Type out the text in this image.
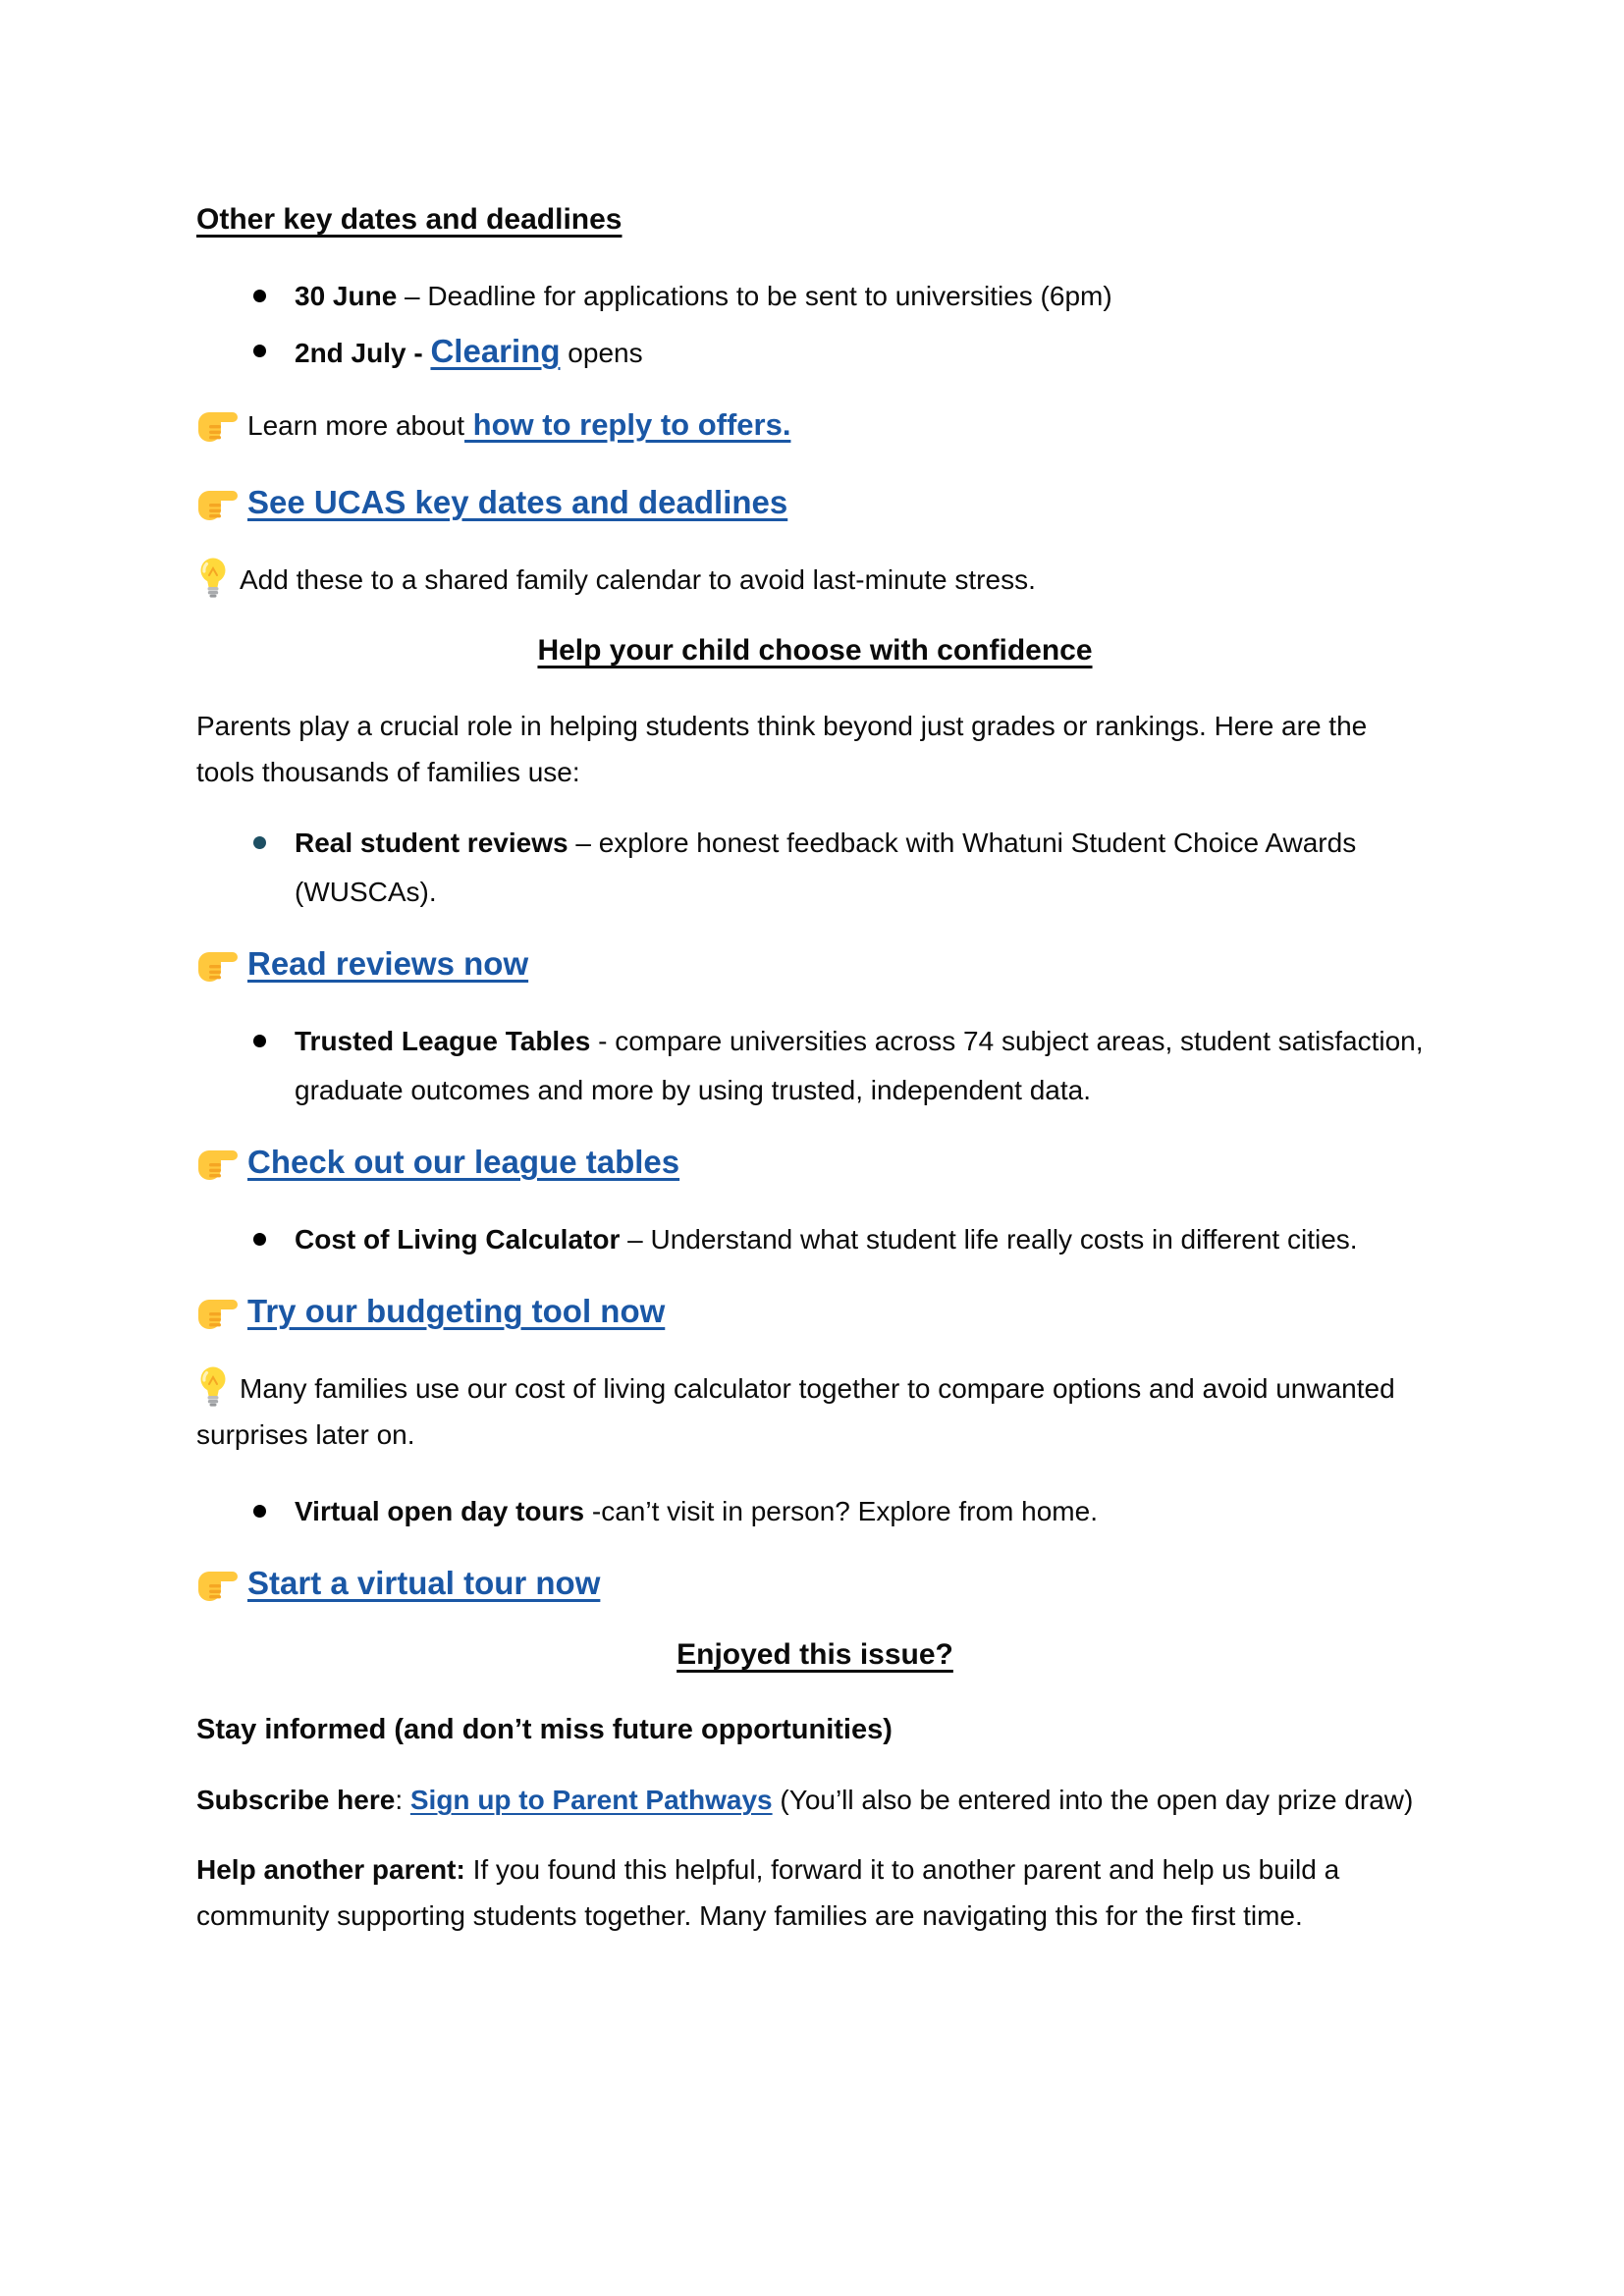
Other key dates and deadlines
30 June – Deadline for applications to be sent to universities (6pm)
2nd July - Clearing opens

Learn more about how to reply to offers.

See UCAS key dates and deadlines

Add these to a shared family calendar to avoid last-minute stress.

Help your child choose with confidence

Parents play a crucial role in helping students think beyond just grades or rankings. Here are the tools thousands of families use:

Real student reviews – explore honest feedback with Whatuni Student Choice Awards (WUSCAs).

Read reviews now

Trusted League Tables - compare universities across 74 subject areas, student satisfaction, graduate outcomes and more by using trusted, independent data.

Check out our league tables

Cost of Living Calculator – Understand what student life really costs in different cities.

Try our budgeting tool now

Many families use our cost of living calculator together to compare options and avoid unwanted surprises later on.

Virtual open day tours -can’t visit in person? Explore from home.

Start a virtual tour now

Enjoyed this issue?

Stay informed (and don’t miss future opportunities)

Subscribe here: Sign up to Parent Pathways (You’ll also be entered into the open day prize draw)

Help another parent: If you found this helpful, forward it to another parent and help us build a community supporting students together. Many families are navigating this for the first time.
